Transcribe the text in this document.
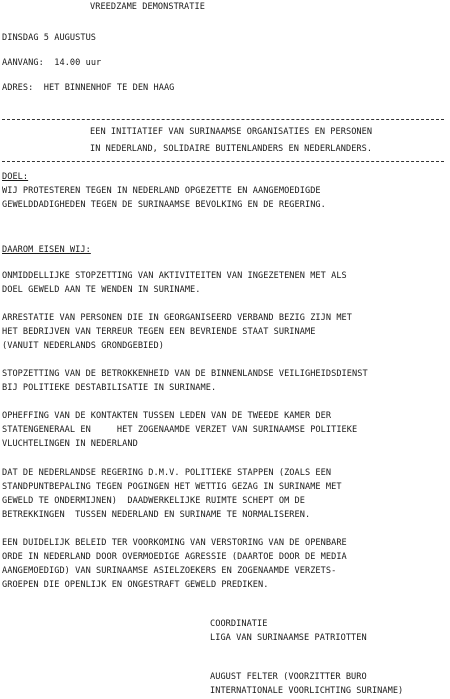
VREEDZAME DEMONSTRATIE
DINSDAG 5 AUGUSTUS
AANVANG: 14.00 uur
ADRES: HET BINNENHOF TE DEN HAAG
EEN INITIATIEF VAN SURINAAMSE ORGANISATIES EN PERSONEN
IN NEDERLAND, SOLIDAIRE BUITENLANDERS EN NEDERLANDERS.
DOEL:
WIJ PROTESTEREN TEGEN IN NEDERLAND OPGEZETTE EN AANGEMOEDIGDE
GEWELDDADIGHEDEN TEGEN DE SURINAAMSE BEVOLKING EN DE REGERING.
DAAROM EISEN WIJ:
ONMIDDELLIJKE STOPZETTING VAN AKTIVITEITEN VAN INGEZETENEN MET ALS
DOEL GEWELD AAN TE WENDEN IN SURINAME.
ARRESTATIE VAN PERSONEN DIE IN GEORGANISEERD VERBAND BEZIG ZIJN MET
HET BEDRIJVEN VAN TERREUR TEGEN EEN BEVRIENDE STAAT SURINAME
(VANUIT NEDERLANDS GRONDGEBIED)
STOPZETTING VAN DE BETROKKENHEID VAN DE BINNENLANDSE VEILIGHEIDSDIENST
BIJ POLITIEKE DESTABILISATIE IN SURINAME.
OPHEFFING VAN DE KONTAKTEN TUSSEN LEDEN VAN DE TWEEDE KAMER DER
STATENGENERAAL EN     HET ZOGENAAMDE VERZET VAN SURINAAMSE POLITIEKE
VLUCHTELINGEN IN NEDERLAND
DAT DE NEDERLANDSE REGERING D.M.V. POLITIEKE STAPPEN (ZOALS EEN
STANDPUNTBEPALING TEGEN POGINGEN HET WETTIG GEZAG IN SURINAME MET
GEWELD TE ONDERMIJNEN)  DAADWERKELIJKE RUIMTE SCHEPT OM DE
BETREKKINGEN  TUSSEN NEDERLAND EN SURINAME TE NORMALISEREN.
EEN DUIDELIJK BELEID TER VOORKOMING VAN VERSTORING VAN DE OPENBARE
ORDE IN NEDERLAND DOOR OVERMOEDIGE AGRESSIE (DAARTOE DOOR DE MEDIA
AANGEMOEDIGD) VAN SURINAAMSE ASIELZOEKERS EN ZOGENAAMDE VERZETS-
GROEPEN DIE OPENLIJK EN ONGESTRAFT GEWELD PREDIKEN.
COORDINATIE
LIGA VAN SURINAAMSE PATRIOTTEN
AUGUST FELTER (VOORZITTER BURO
INTERNATIONALE VOORLICHTING SURINAME)
